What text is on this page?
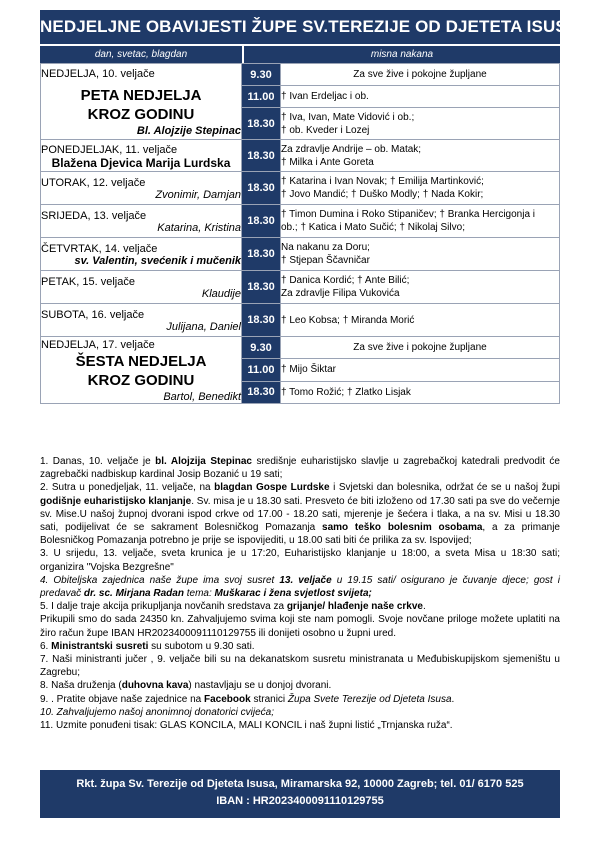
NEDJELJNE OBAVIJESTI ŽUPE SV.TEREZIJE OD DJETETA ISUSA
dan, svetac, blagdan	misna nakana
NEDJELJA, 10. veljače
PETA NEDJELJA
KROZ GODINU
Bl. Alojzije Stepinac	9.30	Za sve žive i pokojne župljane
	11.00	† Ivan Erdeljac i ob.
	18.30	† Iva, Ivan, Mate Vidović i ob.;
† ob. Kveder i Lozej

PONEDJELJAK, 11. veljače
Blažena Djevica Marija Lurdska	18.30	Za zdravlje Andrije – ob. Matak;
† Milka i Ante Goreta

UTORAK, 12. veljače
Zvonimir, Damjan	18.30	† Katarina i Ivan Novak; † Emilija Martinković;
† Jovo Mandić; † Duško Modly; † Nada Kokir;

SRIJEDA, 13. veljače
Katarina, Kristina	18.30	† Timon Dumina i Roko Stipaničev; † Branka Hercigonja i
ob.; † Katica i Mato Sučić; † Nikolaj Silvo;

ČETVRTAK, 14. veljače
sv. Valentin, svećenik i mučenik	18.30	Na nakanu za Doru;
† Stjepan Ščavničar

PETAK, 15. veljače
Klaudije	18.30	† Danica Kordić; † Ante Bilić;
Za zdravlje Filipa Vukovića

SUBOTA, 16. veljače
Julijana, Daniel	18.30	† Leo Kobsa; † Miranda Morić

NEDJELJA, 17. veljače
ŠESTA NEDJELJA
KROZ GODINU
Bartol, Benedikt	9.30	Za sve žive i pokojne župljane
	11.00	† Mijo Šiktar
	18.30	† Tomo Rožić; † Zlatko Lisjak

1. Danas, 10. veljače je bl. Alojzija Stepinac središnje euharistijsko slavlje u zagrebačkoj katedrali predvodit će zagrebački nadbiskup kardinal Josip Bozanić u 19 sati;

2. Sutra u ponedjeljak, 11. veljače, na blagdan Gospe Lurdske i Svjetski dan bolesnika, održat će se u našoj župi godišnje euharistijsko klanjanje. Sv. misa je u 18.30 sati. Presveto će biti izloženo od 17.30 sati pa sve do večernje sv. Mise.U našoj župnoj dvorani ispod crkve od 17.00 - 18.20 sati, mjerenje je šećera i tlaka, a na sv. Misi u 18.30 sati, podijelivat će se sakrament Bolesničkog Pomazanja samo teško bolesnim osobama, a za primanje Bolesničkog Pomazanja potrebno je prije se ispovijediti, u 18.00 sati biti će prilika za sv. Ispovijed;

3. U srijedu, 13. veljače, sveta krunica je u 17:20, Euharistijsko klanjanje u 18:00, a sveta Misa u 18:30 sati; organizira "Vojska Bezgrešne"

4. Obiteljska zajednica naše župe ima svoj susret 13. veljače u 19.15 sati/ osigurano je čuvanje djece; gost i predavač dr. sc. Mirjana Radan tema: Muškarac i žena svjetlost svijeta;

5. I dalje traje akcija prikupljanja novčanih sredstava za grijanje/ hlađenje naše crkve.

Prikupili smo do sada 24350 kn. Zahvaljujemo svima koji ste nam pomogli. Svoje novčane priloge možete uplatiti na žiro račun župe IBAN HR2023400091110129755 ili donijeti osobno u župni ured.

6. Ministrantski susreti su subotom u 9.30 sati.

7. Naši ministranti jučer , 9. veljače bili su na dekanatskom susretu ministranata u Međubiskupijskom sjemeništu u Zagrebu;

8. Naša druženja (duhovna kava) nastavljaju se u donjoj dvorani.

9. . Pratite objave naše zajednice na Facebook stranici Župa Svete Terezije od Djeteta Isusa.

10. Zahvaljujemo našoj anonimnoj donatorici cvijeća;

11. Uzmite ponuđeni tisak: GLAS KONCILA, MALI KONCIL i naš župni listić „Trnjanska ruža“.

Rkt. župa Sv. Terezije od Djeteta Isusa, Miramarska 92, 10000 Zagreb; tel. 01/ 6170 525
IBAN : HR2023400091110129755
